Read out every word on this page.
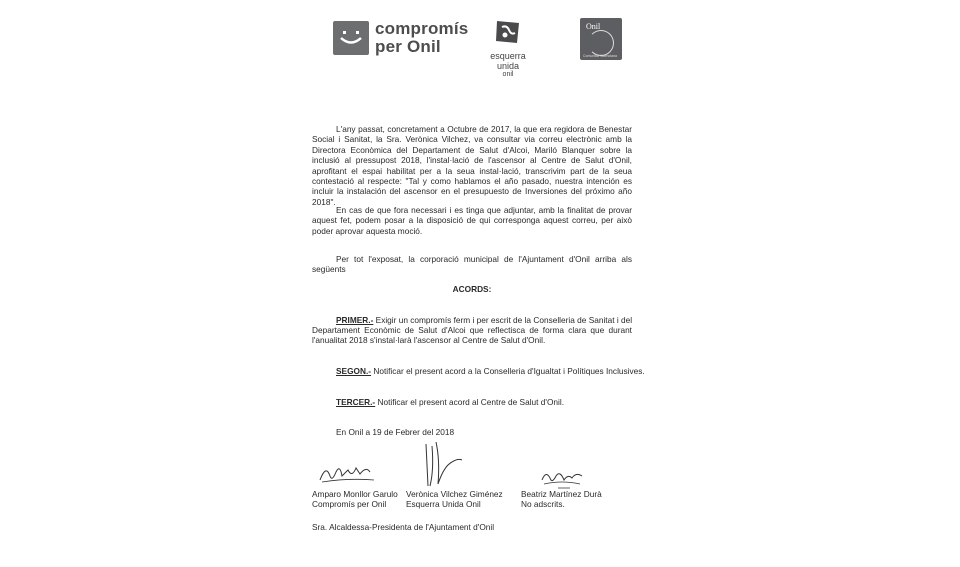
compromís
per Onil	esquerra unida
onil
Onil
Comunitat Valenciana
L'any passat, concretament a Octubre de 2017, la que era regidora de Benestar Social i Sanitat, la Sra. Verònica Vilchez, va consultar via correu electrònic amb la Directora Econòmica del Departament de Salut d'Alcoi, Mariló Blanquer sobre la inclusió al pressupost 2018, l'instal·lació de l'ascensor al Centre de Salut d'Onil, aprofitant el espai habilitat per a la seua instal·lació, transcrivim part de la seua contestació al respecte: "Tal y como hablamos el año pasado, nuestra intención es incluir la instalación del ascensor en el presupuesto de Inversiones del próximo año 2018".
En cas de que fora necessari i es tinga que adjuntar, amb la finalitat de provar aquest fet, podem posar a la disposició de qui corresponga aquest correu, per això poder aprovar aquesta moció.
Per tot l'exposat, la corporació municipal de l'Ajuntament d'Onil arriba als següents
ACORDS:
PRIMER.- Exigir un compromís ferm i per escrit de la Conselleria de Sanitat i del
Departament Econòmic de Salut d'Alcoi que reflectisca de forma clara que durant l'anualitat 2018 s'instal·larà l'ascensor al Centre de Salut d'Onil.
SEGON.- Notificar el present acord a la Conselleria d'Igualtat i Polítiques Inclusives.
TERCER.- Notificar el present acord al Centre de Salut d'Onil.
En Onil a 19 de Febrer del 2018
Amparo Monllor Garulo
Compromís per Onil
Verònica Vilchez Giménez
Esquerra Unida Onil
Beatriz Martínez Durà
No adscrits.
Sra. Alcaldessa-Presidenta de l'Ajuntament d'Onil
